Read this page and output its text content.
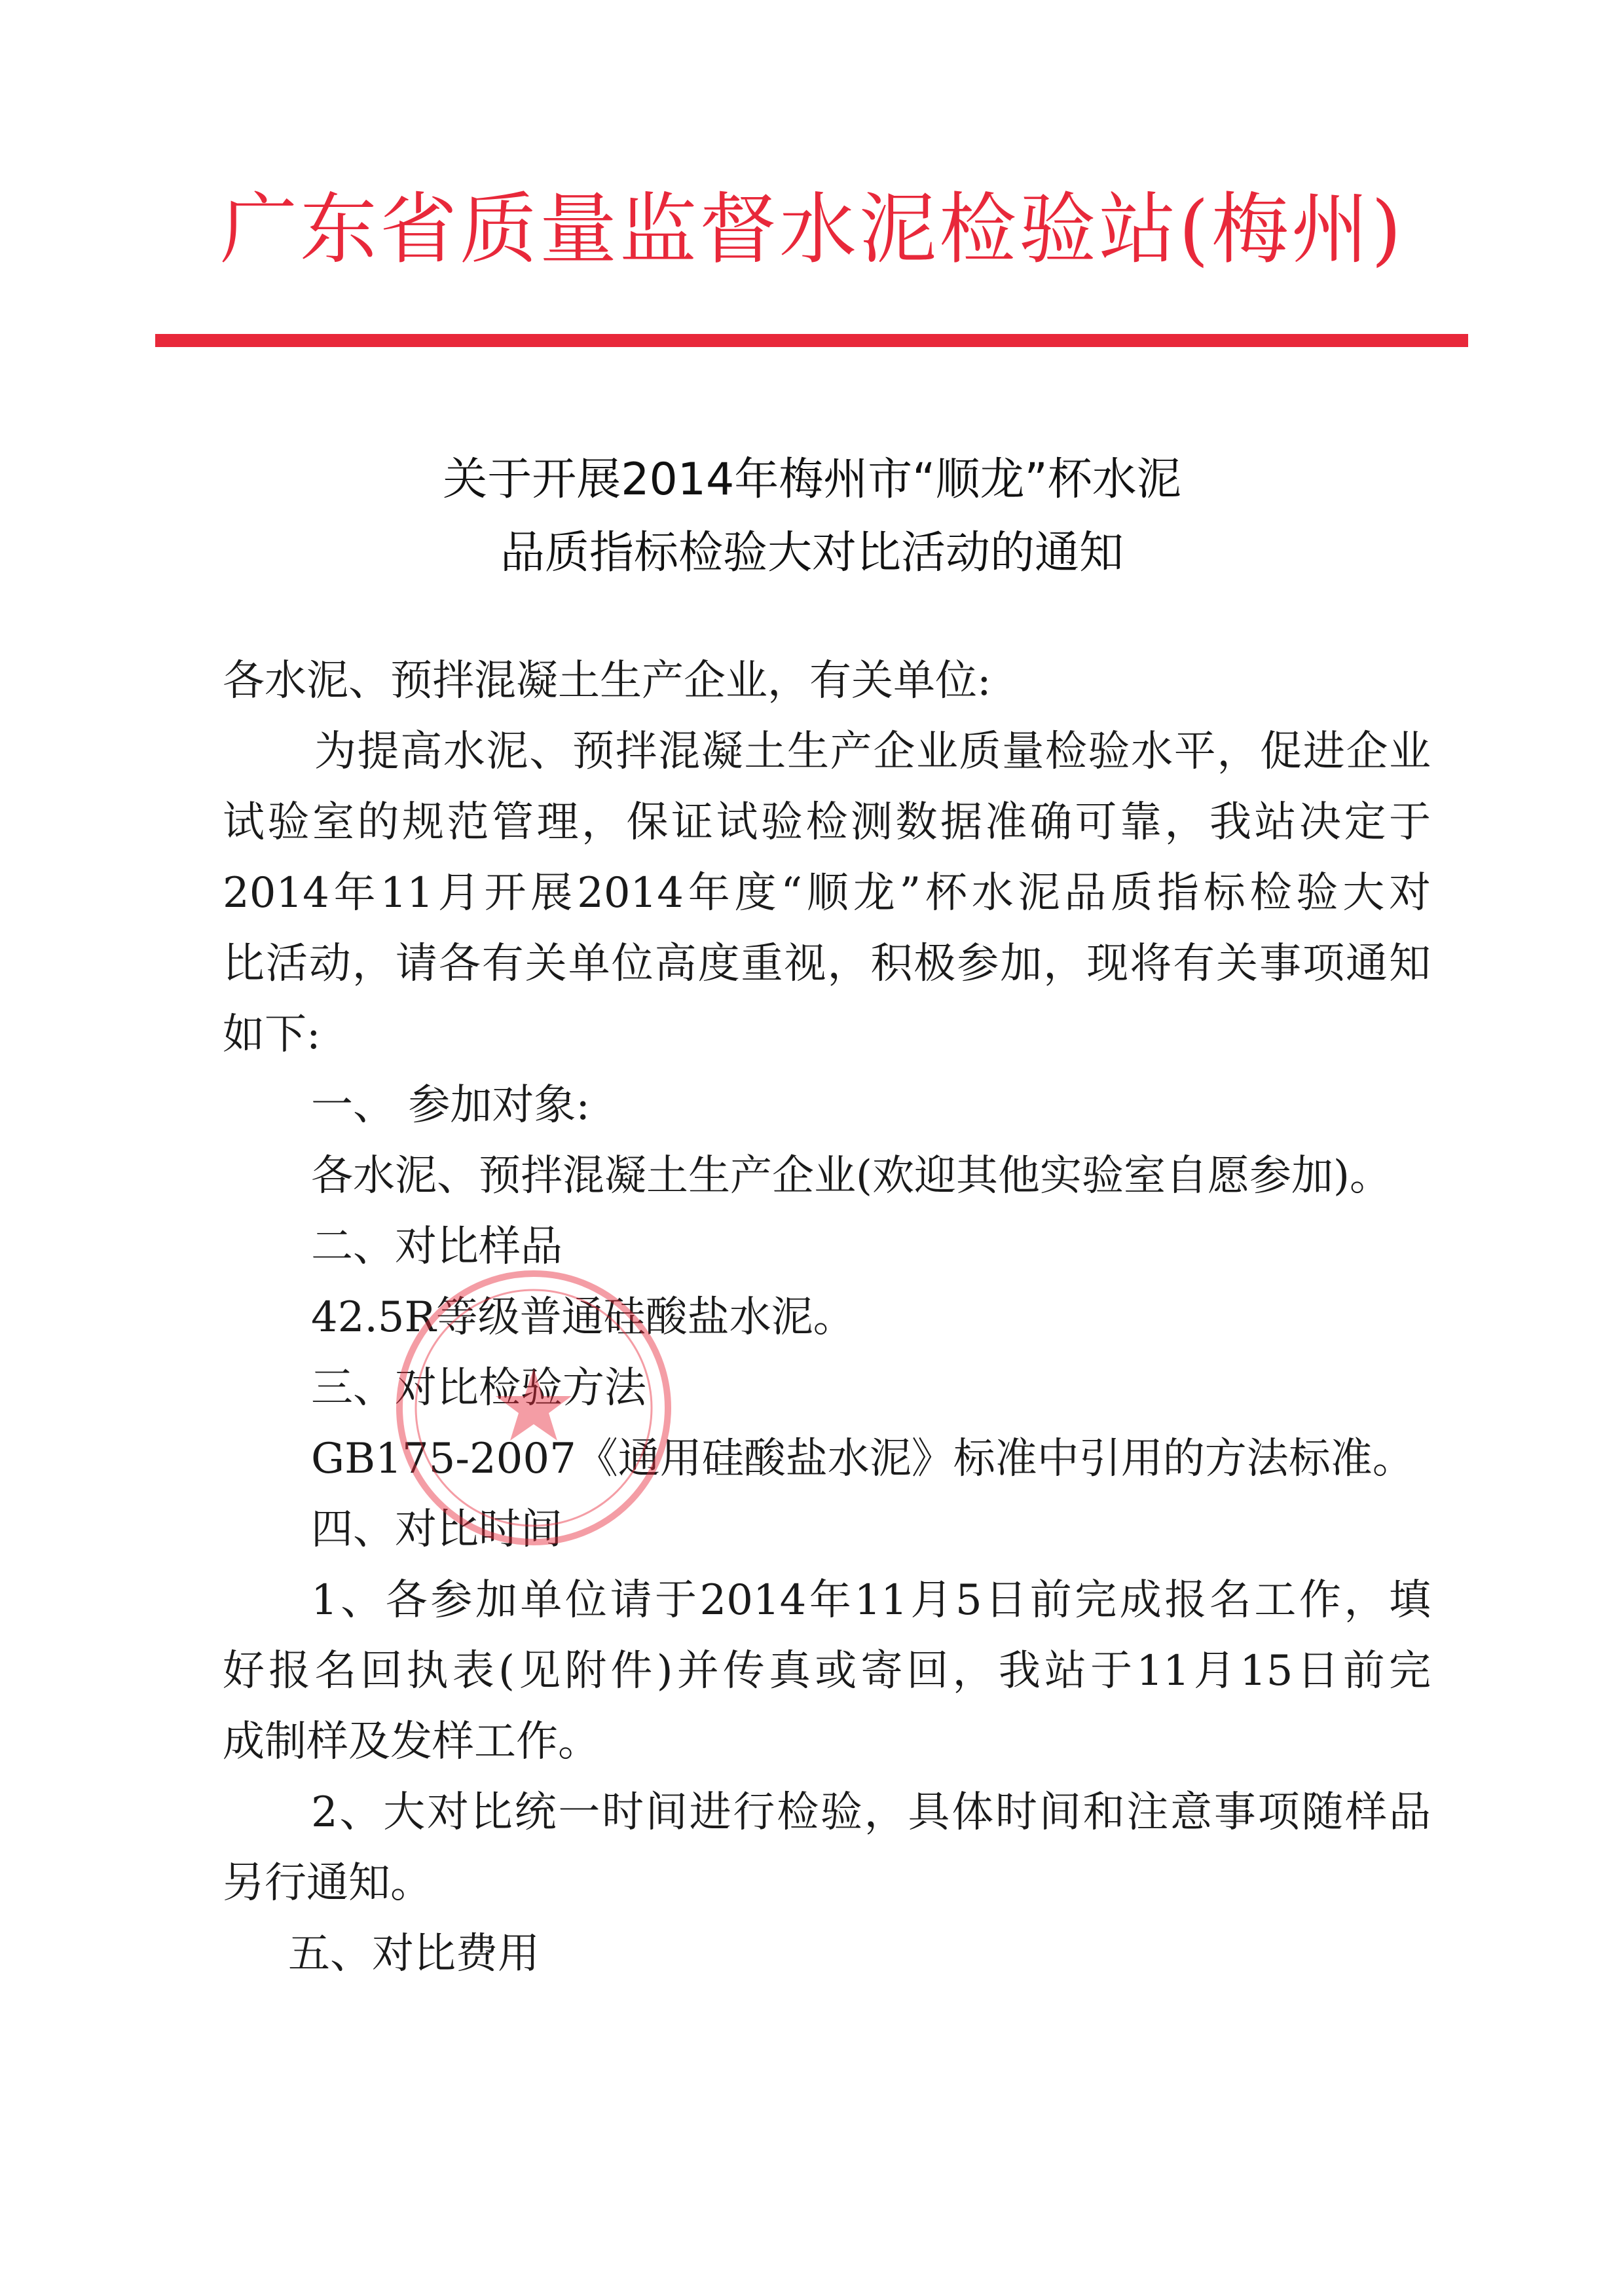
广东省质量监督水泥检验站(梅州)
关于开展2014年梅州市“顺龙”杯水泥
品质指标检验大对比活动的通知
各水泥、预拌混凝土生产企业，有关单位:
为提高水泥、预拌混凝土生产企业质量检验水平，促进企业
试验室的规范管理，保证试验检测数据准确可靠，我站决定于
2014年11月开展2014年度“顺龙”杯水泥品质指标检验大对
比活动，请各有关单位高度重视，积极参加，现将有关事项通知
如下:
一、 参加对象:
各水泥、预拌混凝土生产企业(欢迎其他实验室自愿参加)。
二、对比样品
42.5R等级普通硅酸盐水泥。
三、对比检验方法
GB175-2007《通用硅酸盐水泥》标准中引用的方法标准。
四、对比时间
1、各参加单位请于2014年11月5日前完成报名工作，填
好报名回执表(见附件)并传真或寄回，我站于11月15日前完
成制样及发样工作。
2、大对比统一时间进行检验，具体时间和注意事项随样品
另行通知。
五、对比费用
